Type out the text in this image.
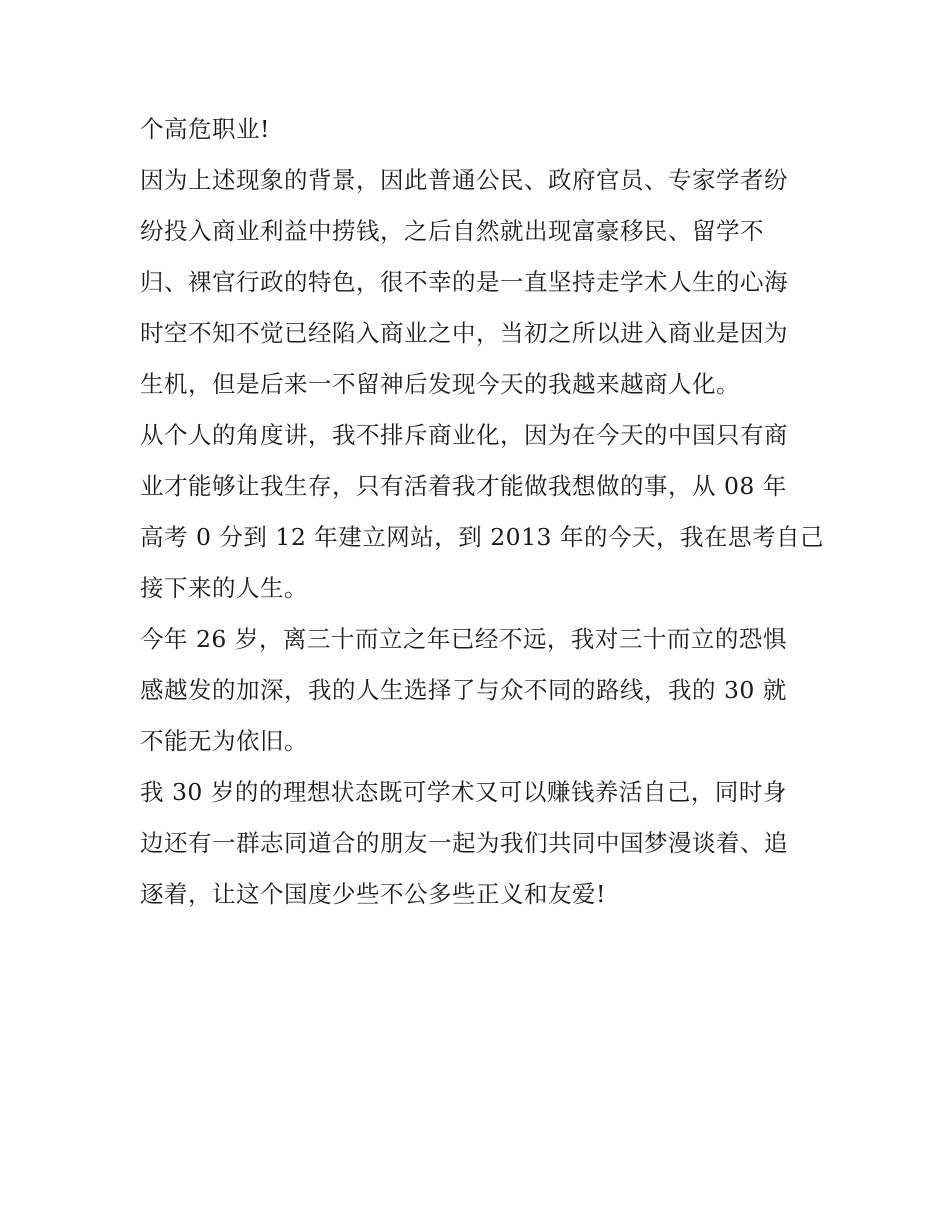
个高危职业!

因为上述现象的背景，因此普通公民、政府官员、专家学者纷
纷投入商业利益中捞钱，之后自然就出现富豪移民、留学不
归、裸官行政的特色，很不幸的是一直坚持走学术人生的心海
时空不知不觉已经陷入商业之中，当初之所以进入商业是因为
生机，但是后来一不留神后发现今天的我越来越商人化。

从个人的角度讲，我不排斥商业化，因为在今天的中国只有商
业才能够让我生存，只有活着我才能做我想做的事，从 08 年
高考 0 分到 12 年建立网站，到 2013 年的今天，我在思考自己
接下来的人生。

今年 26 岁，离三十而立之年已经不远，我对三十而立的恐惧
感越发的加深，我的人生选择了与众不同的路线，我的 30 就
不能无为依旧。

我 30 岁的的理想状态既可学术又可以赚钱养活自己，同时身
边还有一群志同道合的朋友一起为我们共同中国梦漫谈着、追
逐着，让这个国度少些不公多些正义和友爱!
